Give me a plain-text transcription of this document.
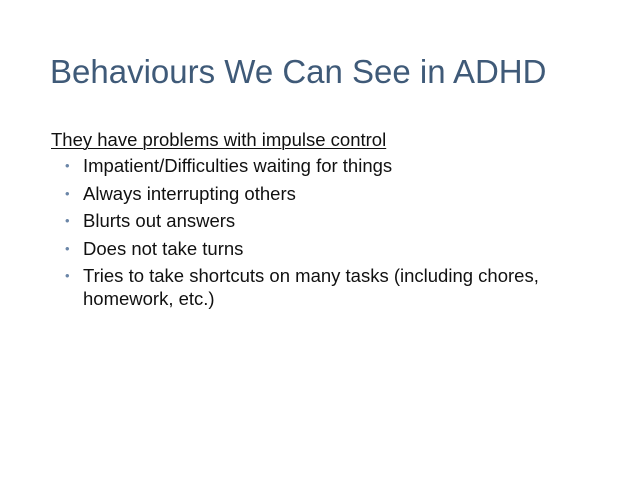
Behaviours We Can See in ADHD
They have problems with impulse control
• Impatient/Difficulties waiting for things
• Always interrupting others
• Blurts out answers
• Does not take turns
• Tries to take shortcuts on many tasks (including chores, homework, etc.)
